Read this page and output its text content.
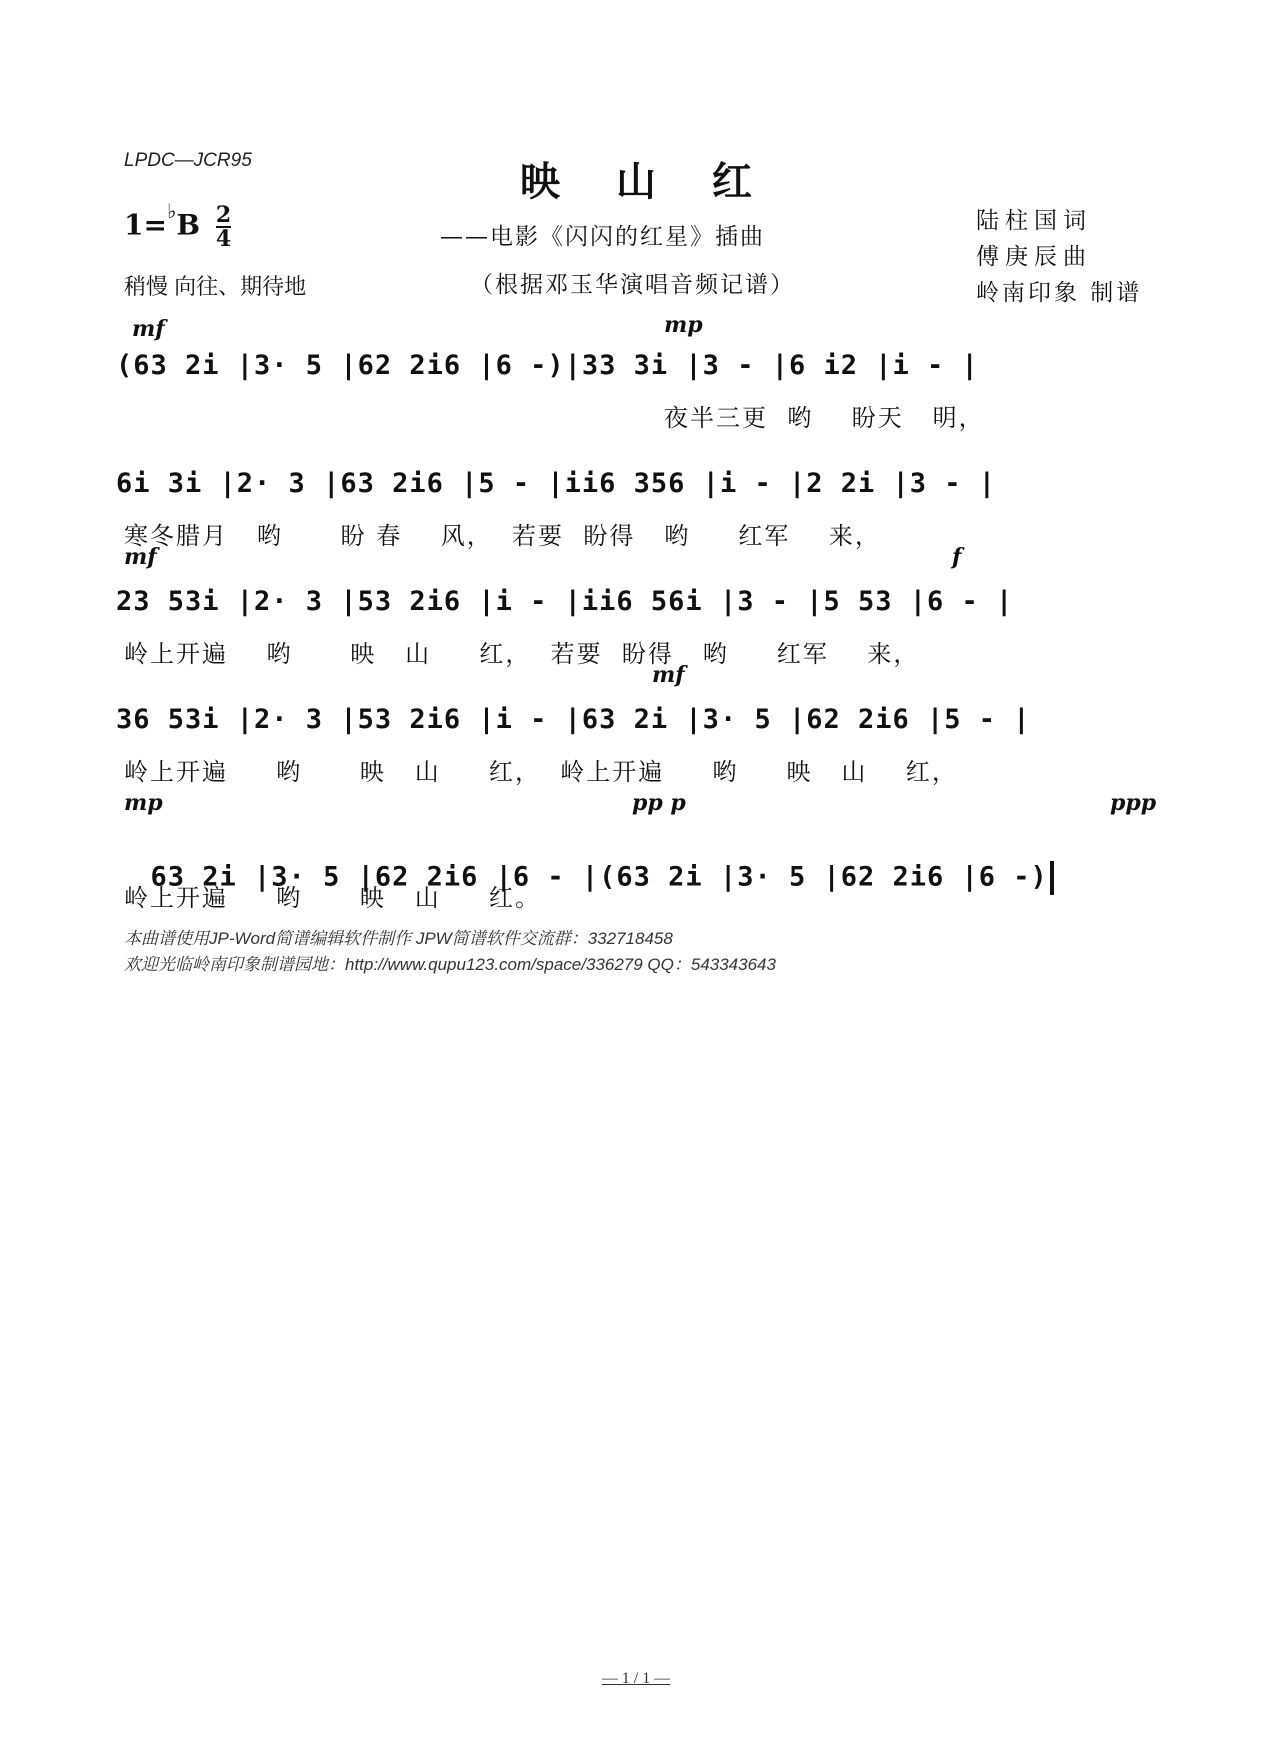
LPDC—JCR95	映山红
$1=^♭B \frac{2}{4}$	——电影《闪闪的红星》插曲
（根据邓玉华演唱音频记谱）
稍慢 向往、期待地
陆柱国词
傅庚辰曲
岭南印象 制谱
mf	mp
(63 2i |3· 5 |62 2i6 |6 -)|33 3i |3 - |6 i2 |i - |
夜半三更  哟    盼天   明，
6i 3i |2· 3 |63 2i6 |5 - |ii6 356 |i - |2 2i |3 - |
寒冬腊月   哟      盼 春    风，  若要  盼得   哟     红军    来，
mf	f
23 53i |2· 3 |53 2i6 |i - |ii6 56i |3 - |5 53 |6 - |
岭上开遍    哟      映   山     红，  若要  盼得   哟     红军    来，
mf
36 53i |2· 3 |53 2i6 |i - |63 2i |3· 5 |62 2i6 |5 - |
岭上开遍     哟      映   山     红，  岭上开遍     哟     映   山    红，
mp	pp p	ppp

63 2i |3· 5 |62 2i6 |6 - |(63 2i |3· 5 |62 2i6 |6 -)

岭上开遍     哟      映   山     红。
本曲谱使用JP-Word简谱编辑软件制作 JPW简谱软件交流群：332718458
欢迎光临岭南印象制谱园地：http://www.qupu123.com/space/336279 QQ：543343643
— 1 / 1 —
